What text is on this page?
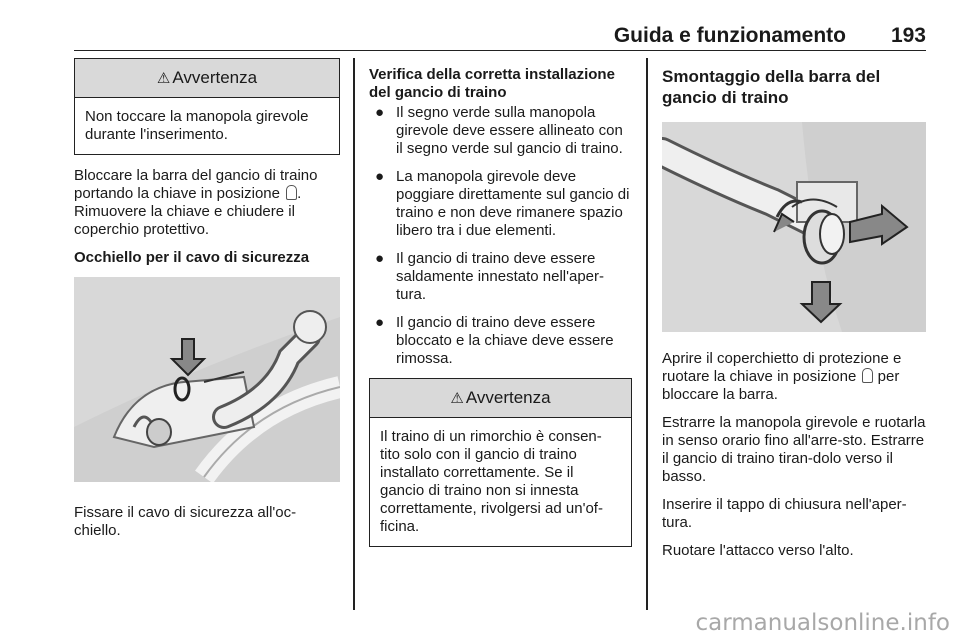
Guida e funzionamento 193
⚠ Avvertenza
Non toccare la manopola girevole durante l'inserimento.

Bloccare la barra del gancio di traino portando la chiave in posizione . Rimuovere la chiave e chiudere il coperchio protettivo.

Occhiello per il cavo di sicurezza

Fissare il cavo di sicurezza all'oc-chiello.

Verifica della corretta installazione del gancio di traino
● Il segno verde sulla manopola girevole deve essere allineato con il segno verde sul gancio di traino.
● La manopola girevole deve poggiare direttamente sul gancio di traino e non deve rimanere spazio libero tra i due elementi.
● Il gancio di traino deve essere saldamente innestato nell'aper-tura.
● Il gancio di traino deve essere bloccato e la chiave deve essere rimossa.
⚠ Avvertenza
Il traino di un rimorchio è consen-tito solo con il gancio di traino installato correttamente. Se il gancio di traino non si innesta correttamente, rivolgersi ad un'of-ficina.
Smontaggio della barra del gancio di traino

Aprire il coperchietto di protezione e ruotare la chiave in posizione  per bloccare la barra.

Estrarre la manopola girevole e ruotarla in senso orario fino all'arre-sto. Estrarre il gancio di traino tiran-dolo verso il basso.

Inserire il tappo di chiusura nell'aper-tura.

Ruotare l'attacco verso l'alto.

carmanualsonline.info
